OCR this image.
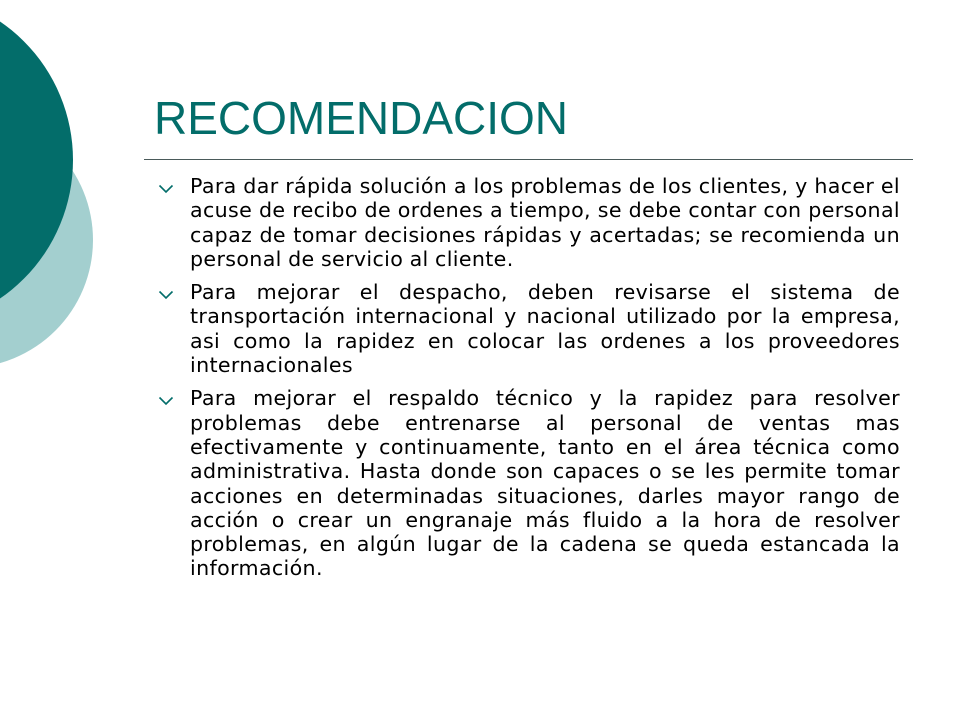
RECOMENDACION
Para dar rápida solución a los problemas de los clientes, y hacer el acuse de recibo de ordenes a tiempo, se debe contar con personal capaz de tomar decisiones rápidas y acertadas; se recomienda un personal de servicio al cliente.
Para mejorar el despacho, deben revisarse el sistema de transportación internacional y nacional utilizado por la empresa, asi como la rapidez en colocar las ordenes a los proveedores internacionales
Para mejorar el respaldo técnico y la rapidez para resolver problemas debe entrenarse al personal de ventas mas efectivamente y continuamente, tanto en el área técnica como administrativa. Hasta donde son capaces o se les permite tomar acciones en determinadas situaciones, darles mayor rango de acción o crear un engranaje más fluido a la hora de resolver problemas, en algún lugar de la cadena se queda estancada la información.
